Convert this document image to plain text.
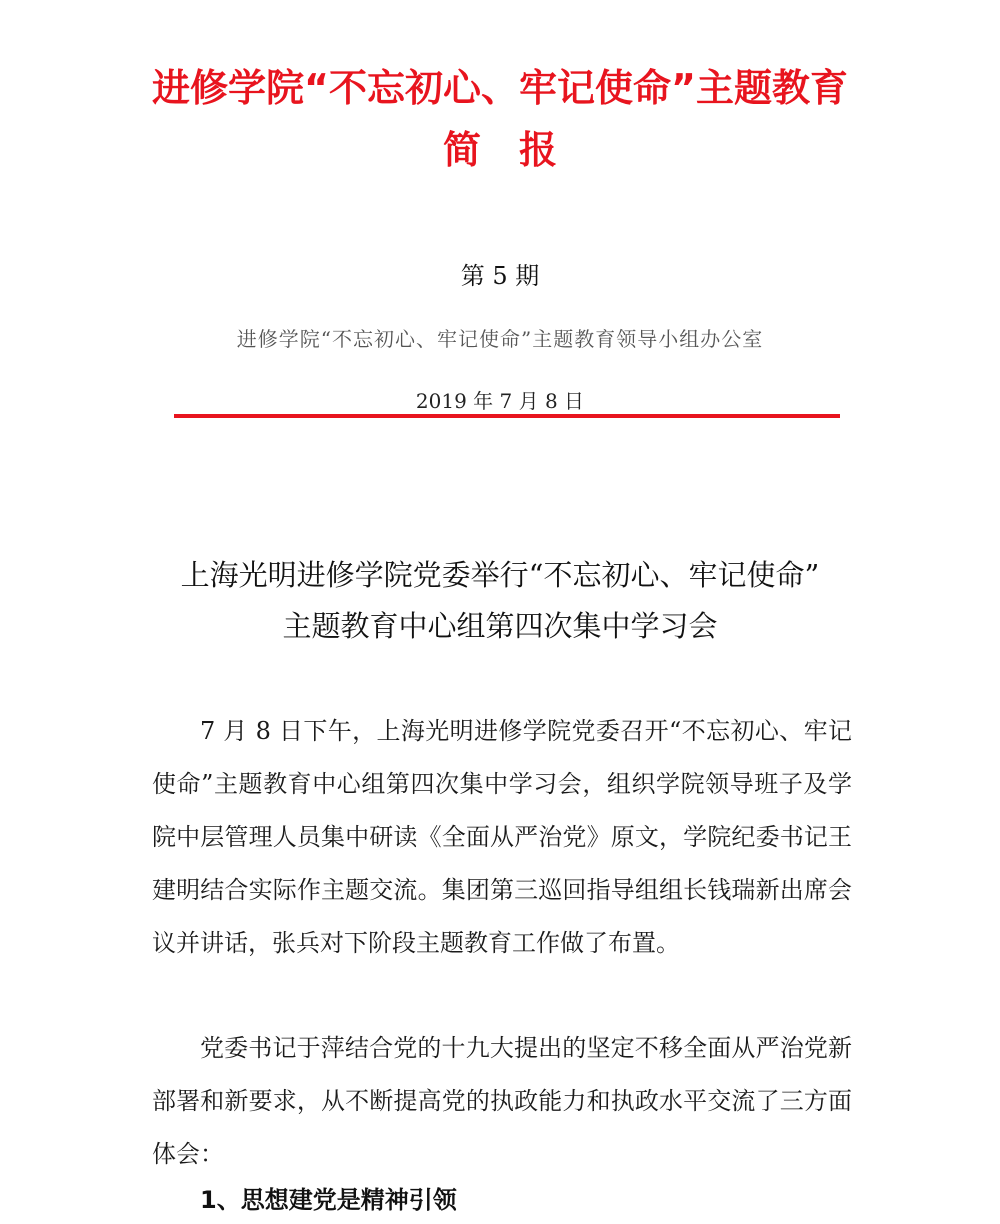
进修学院“不忘初心、牢记使命”主题教育
简　报
第 5 期
进修学院“不忘初心、牢记使命”主题教育领导小组办公室
2019 年 7 月 8 日
上海光明进修学院党委举行“不忘初心、牢记使命”
主题教育中心组第四次集中学习会
7 月 8 日下午，上海光明进修学院党委召开“不忘初心、牢记使命”主题教育中心组第四次集中学习会，组织学院领导班子及学院中层管理人员集中研读《全面从严治党》原文，学院纪委书记王建明结合实际作主题交流。集团第三巡回指导组组长钱瑞新出席会议并讲话，张兵对下阶段主题教育工作做了布置。
党委书记于萍结合党的十九大提出的坚定不移全面从严治党新部署和新要求，从不断提高党的执政能力和执政水平交流了三方面体会：
1、思想建党是精神引领
